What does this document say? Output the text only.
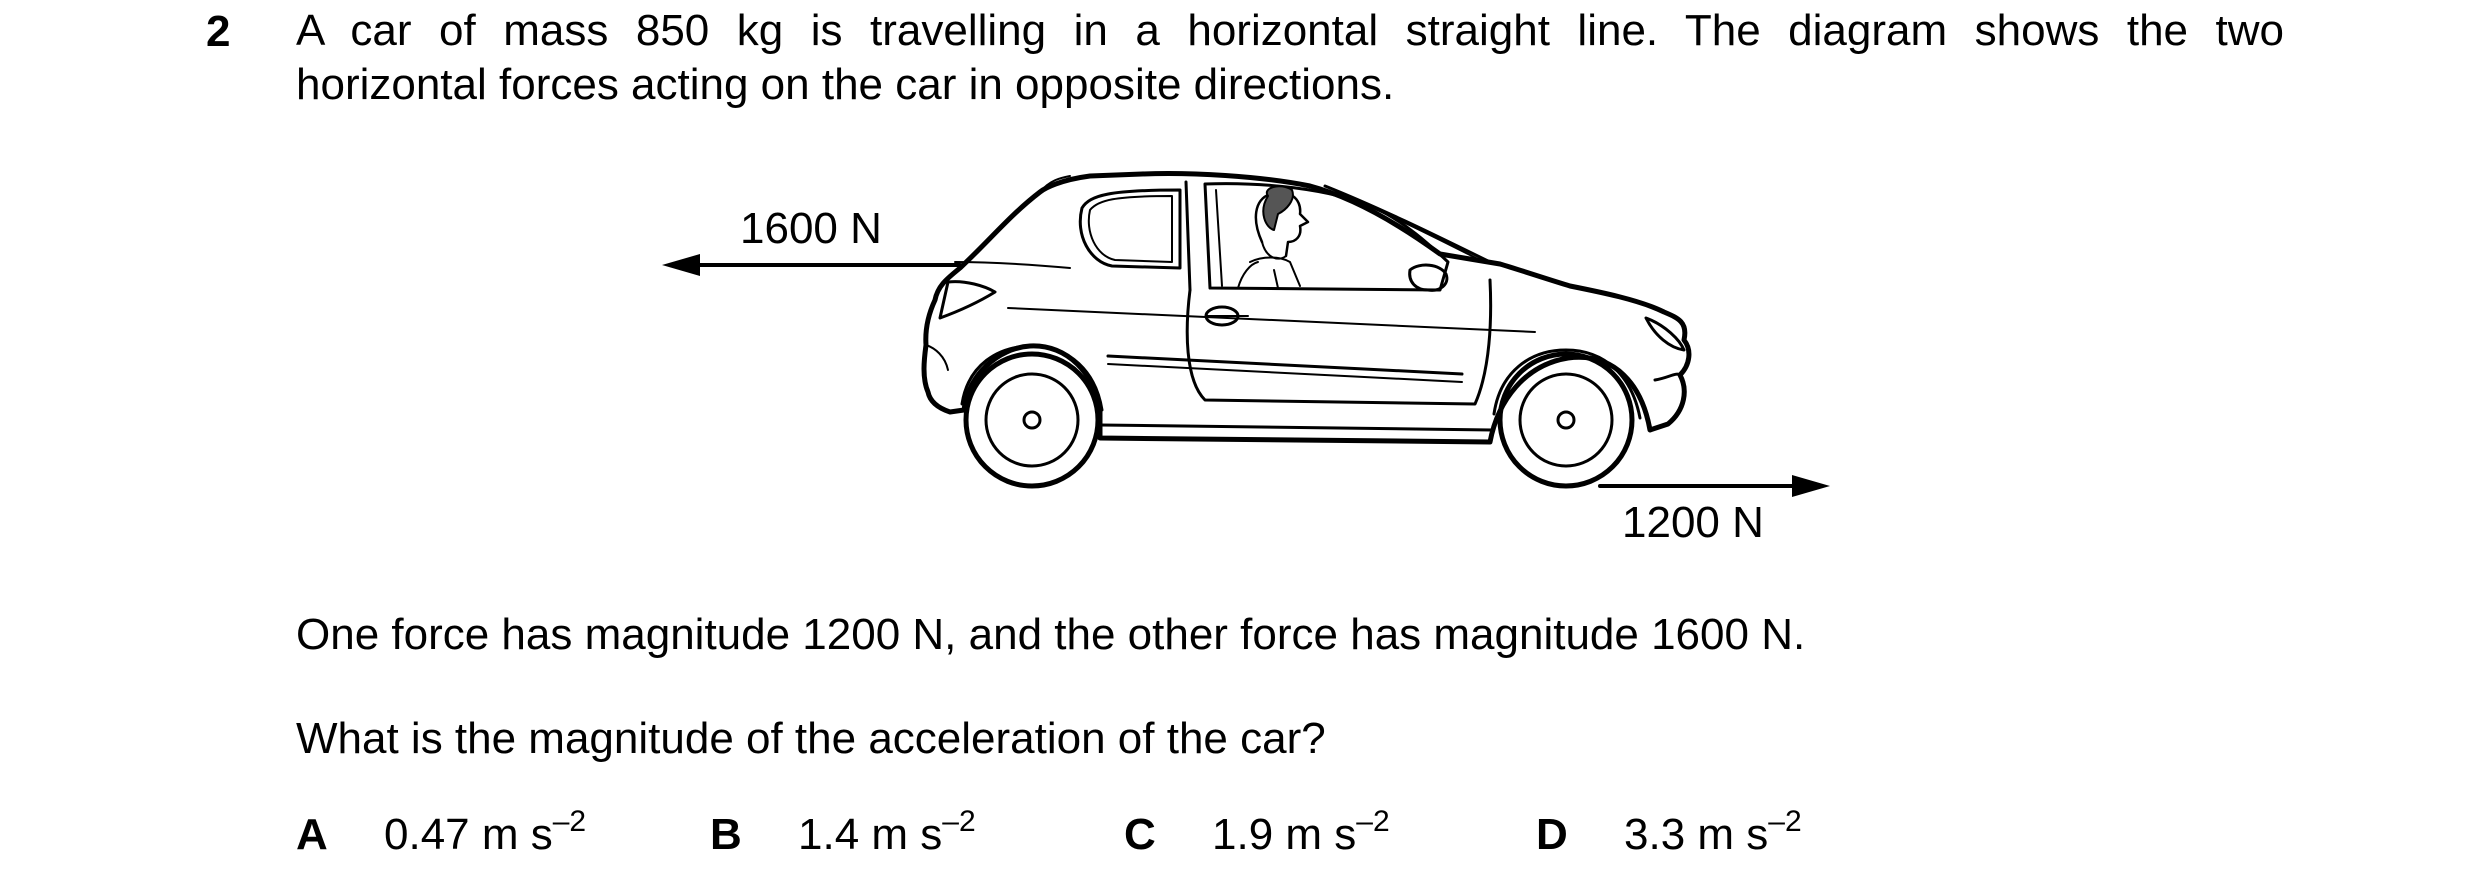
2 A car of mass 850 kg is travelling in a horizontal straight line. The diagram shows the two
horizontal forces acting on the car in opposite directions.
1600 N
1200 N
One force has magnitude 1200 N, and the other force has magnitude 1600 N.
What is the magnitude of the acceleration of the car?
A 0.47 m $s^{-2}$	B 1.4 m $s^{-2}$	C 1.9 m $s^{-2}$	D 3.3 m $s^{-2}$
